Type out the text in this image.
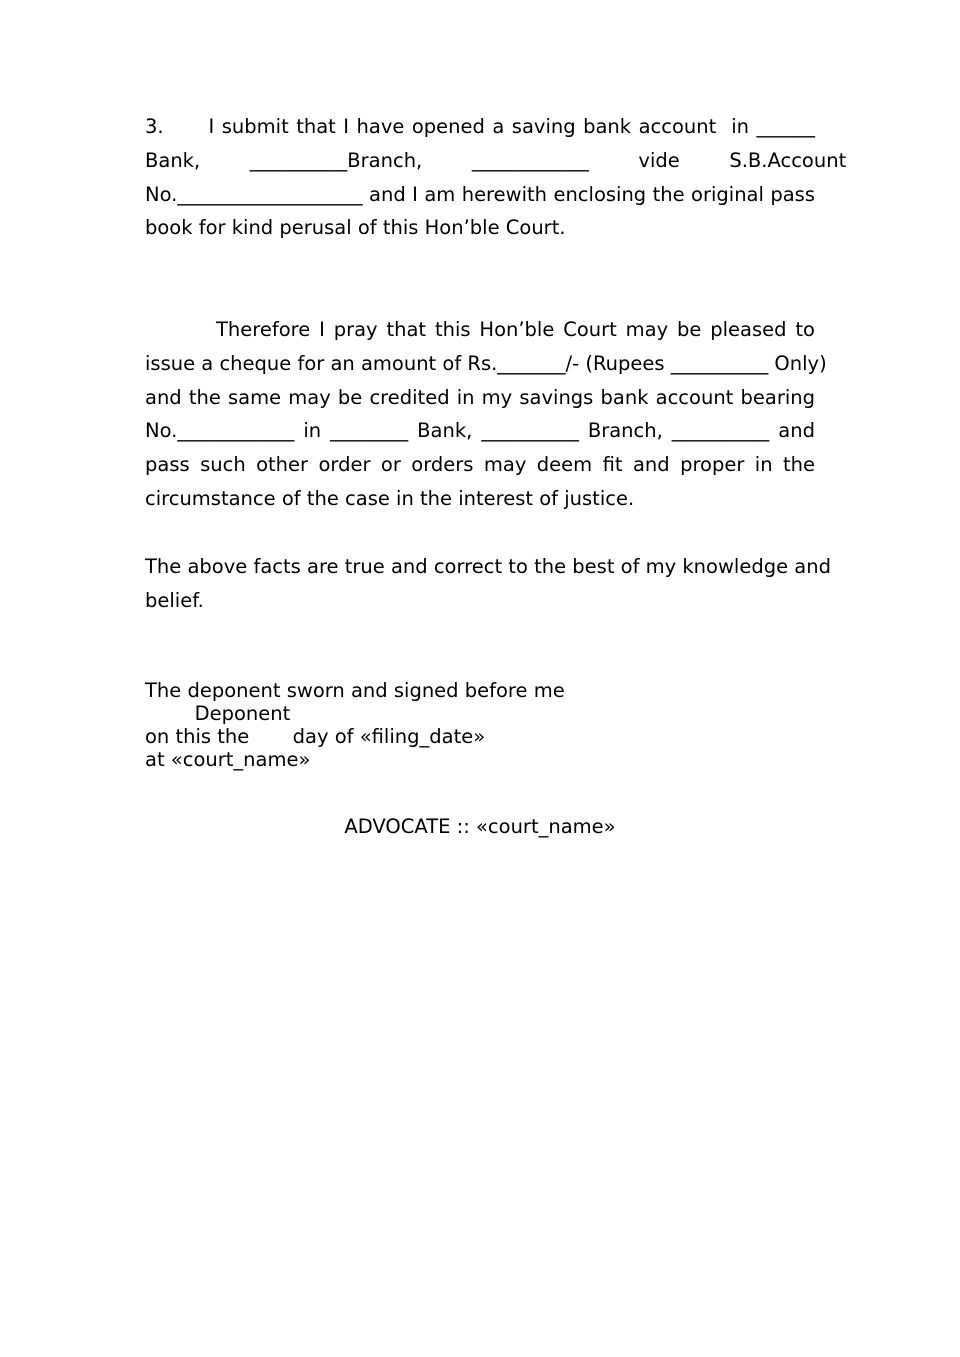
3.      I submit that I have opened a saving bank account  in ______
Bank,        __________Branch,        ____________        vide        S.B.Account
No.___________________ and I am herewith enclosing the original pass
book for kind perusal of this Hon’ble Court.
Therefore I pray that this Hon’ble Court may be pleased to
issue a cheque for an amount of Rs._______/- (Rupees __________ Only)
and the same may be credited in my savings bank account bearing
No.____________ in ________ Bank, __________ Branch, __________ and
pass such other order or orders may deem fit and proper in the
circumstance of the case in the interest of justice.
The above facts are true and correct to the best of my knowledge and
belief.
The deponent sworn and signed before me
Deponent
on this the       day of «filing_date»
at «court_name»
ADVOCATE :: «court_name»
